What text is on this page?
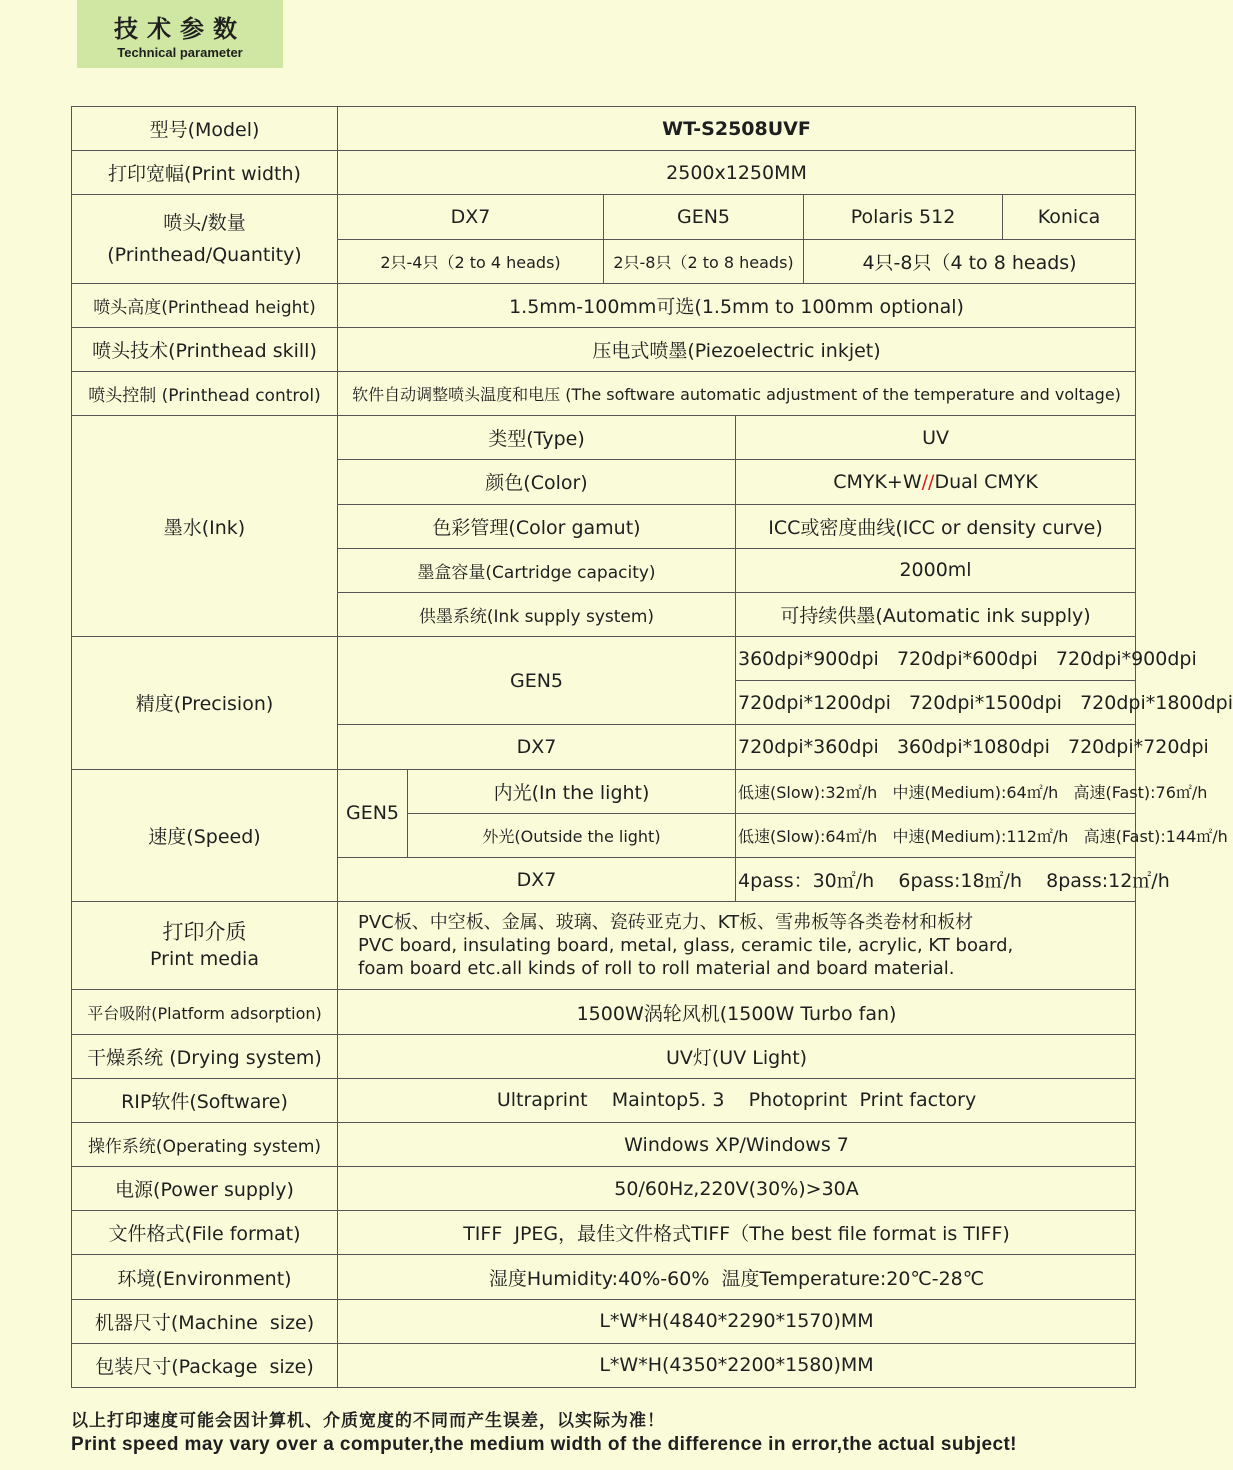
技术参数
Technical parameter
型号(Model)	WT-S2508UVF					
打印宽幅(Print width)	2500x1250MM					
喷头/数量
(Printhead/Quantity)	DX7		GEN5		Polaris 512	Konica
	2只-4只（2 to 4 heads)		2只-8只（2 to 8 heads)		4只-8只（4 to 8 heads)	
喷头高度(Printhead height)	1.5mm-100mm可选(1.5mm to 100mm optional)					
喷头技术(Printhead skill)	压电式喷墨(Piezoelectric inkjet)					
喷头控制 (Printhead control)	软件自动调整喷头温度和电压 (The software automatic adjustment of the temperature and voltage)					
墨水(Ink)	类型(Type)			UV		
	颜色(Color)			CMYK+W//Dual CMYK		
	色彩管理(Color gamut)			ICC或密度曲线(ICC or density curve)		
	墨盒容量(Cartridge capacity)			2000ml		
	供墨系统(Ink supply system)			可持续供墨(Automatic ink supply)		
精度(Precision)	GEN5			360dpi*900dpi   720dpi*600dpi   720dpi*900dpi		
				720dpi*1200dpi   720dpi*1500dpi   720dpi*1800dpi		
	DX7			720dpi*360dpi   360dpi*1080dpi   720dpi*720dpi		
速度(Speed)	GEN5	内光(In the light)		低速(Slow):32㎡/h   中速(Medium):64㎡/h   高速(Fast):76㎡/h		
		外光(Outside the light)		低速(Slow):64㎡/h   中速(Medium):112㎡/h   高速(Fast):144㎡/h		
	DX7			4pass：30㎡/h    6pass:18㎡/h    8pass:12㎡/h		
打印介质
Print media	PVC板、中空板、金属、玻璃、瓷砖亚克力、KT板、雪弗板等各类卷材和板材
PVC board, insulating board, metal, glass, ceramic tile, acrylic, KT board,
foam board etc.all kinds of roll to roll material and board material.					
平台吸附(Platform adsorption)	1500W涡轮风机(1500W Turbo fan)					
干燥系统 (Drying system)	UV灯(UV Light)					
RIP软件(Software)	Ultraprint    Maintop5. 3    Photoprint  Print factory					
操作系统(Operating system)	Windows XP/Windows 7					
电源(Power supply)	50/60Hz,220V(30%)>30A					
文件格式(File format)	TIFF  JPEG，最佳文件格式TIFF（The best file format is TIFF)					
环境(Environment)	湿度Humidity:40%-60%  温度Temperature:20℃-28℃					
机器尺寸(Machine  size)	L*W*H(4840*2290*1570)MM					
包装尺寸(Package  size)	L*W*H(4350*2200*1580)MM					
以上打印速度可能会因计算机、介质宽度的不同而产生误差，以实际为准！
Print speed may vary over a computer,the medium width of the difference in error,the actual subject!
